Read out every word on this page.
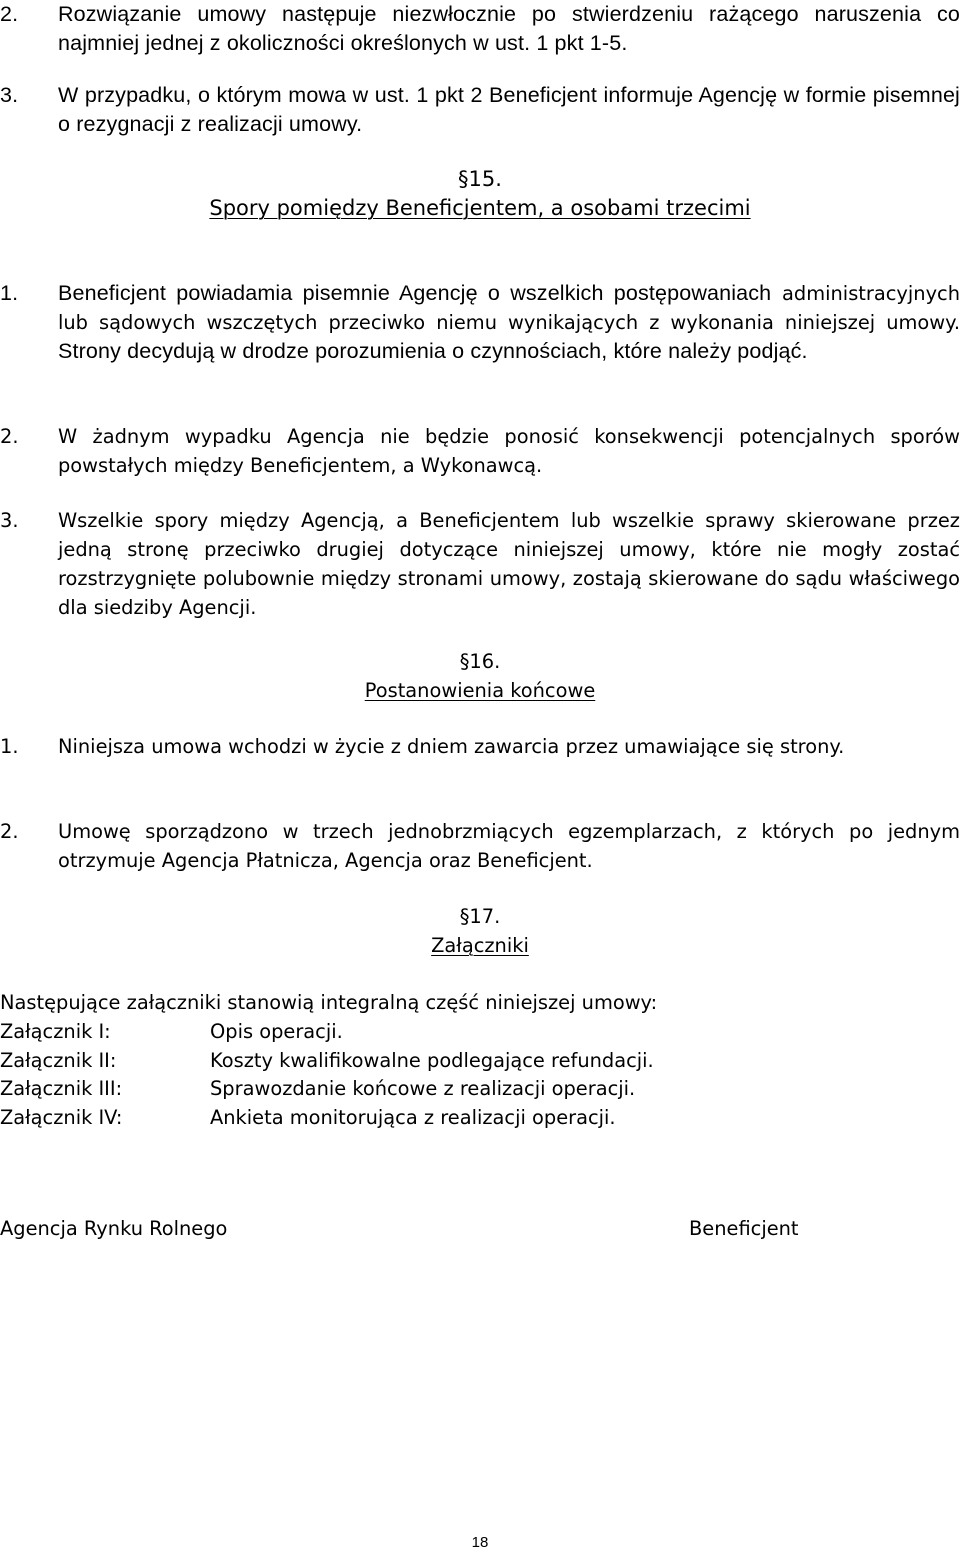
2.	Rozwiązanie umowy następuje niezwłocznie po stwierdzeniu rażącego naruszenia co najmniej jednej z okoliczności określonych w ust. 1 pkt 1-5.
3.	W przypadku, o którym mowa w ust. 1 pkt 2 Beneficjent informuje Agencję w formie pisemnej o rezygnacji z realizacji umowy.
§15.
Spory pomiędzy Beneficjentem, a osobami trzecimi
1.	Beneficjent powiadamia pisemnie Agencję o wszelkich postępowaniach administracyjnych lub sądowych wszczętych przeciwko niemu wynikających z wykonania niniejszej umowy. Strony decydują w drodze porozumienia o czynnościach, które należy podjąć.
2.	W żadnym wypadku Agencja nie będzie ponosić konsekwencji potencjalnych sporów powstałych między Beneficjentem, a Wykonawcą.
3.	Wszelkie spory między Agencją, a Beneficjentem lub wszelkie sprawy skierowane przez jedną stronę przeciwko drugiej dotyczące niniejszej umowy, które nie mogły zostać rozstrzygnięte polubownie między stronami umowy, zostają skierowane do sądu właściwego dla siedziby Agencji.
§16.
Postanowienia końcowe
1.	Niniejsza umowa wchodzi w życie z dniem zawarcia przez umawiające się strony.
2.	Umowę sporządzono w trzech jednobrzmiących egzemplarzach, z których po jednym otrzymuje Agencja Płatnicza, Agencja oraz Beneficjent.
§17.
Załączniki
Następujące załączniki stanowią integralną część niniejszej umowy:
Załącznik I:	Opis operacji.
Załącznik II:	Koszty kwalifikowalne podlegające refundacji.
Załącznik III:	Sprawozdanie końcowe z realizacji operacji.
Załącznik IV:	Ankieta monitorująca z realizacji operacji.
Agencja Rynku Rolnego	Beneficjent
18
